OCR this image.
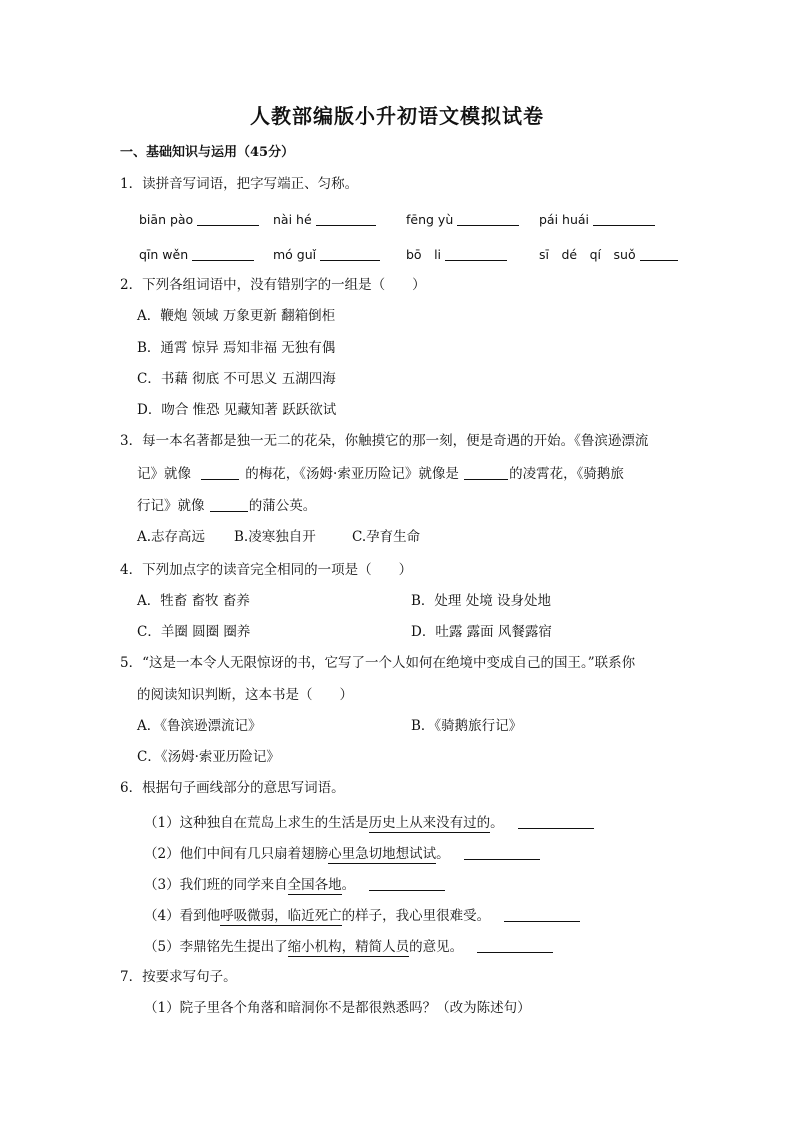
人教部编版小升初语文模拟试卷
一、基础知识与运用（45分）
1．读拼音写词语，把字写端正、匀称。
biān pào	nài hé	fēng yù	pái huái
qīn wěn	mó guǐ	bō　li	sī　dé　qí　suǒ
2．下列各组词语中，没有错别字的一组是（　　）
A．鞭炮 领域 万象更新 翻箱倒柜
B．通霄 惊异 焉知非福 无独有偶
C．书藉 彻底 不可思义 五湖四海
D．吻合 惟恐 见藏知著 跃跃欲试
3．每一本名著都是独一无二的花朵，你触摸它的那一刻，便是奇遇的开始。《鲁滨逊漂流
记》就像	的梅花，《汤姆·索亚历险记》就像是	的凌霄花，《骑鹅旅
行记》就像	的蒲公英。
A.志存高远 B.凌寒独自开	C.孕育生命
4．下列加点字的读音完全相同的一项是（　　）
A．牲畜 畜牧 畜养	B．处理 处境 设身处地
C．羊圈 圆圈 圈养	D．吐露 露面 风餐露宿
5．“这是一本令人无限惊讶的书，它写了一个人如何在绝境中变成自己的国王。”联系你
的阅读知识判断，这本书是（　　）
A．《鲁滨逊漂流记》	B．《骑鹅旅行记》
C．《汤姆·索亚历险记》
6．根据句子画线部分的意思写词语。
（1）这种独自在荒岛上求生的生活是历史上从来没有过的。
（2）他们中间有几只扇着翅膀心里急切地想试试。
（3）我们班的同学来自全国各地。
（4）看到他呼吸微弱，临近死亡的样子，我心里很难受。
（5）李鼎铭先生提出了缩小机构，精简人员的意见。
7．按要求写句子。
（1）院子里各个角落和暗洞你不是都很熟悉吗？（改为陈述句）
